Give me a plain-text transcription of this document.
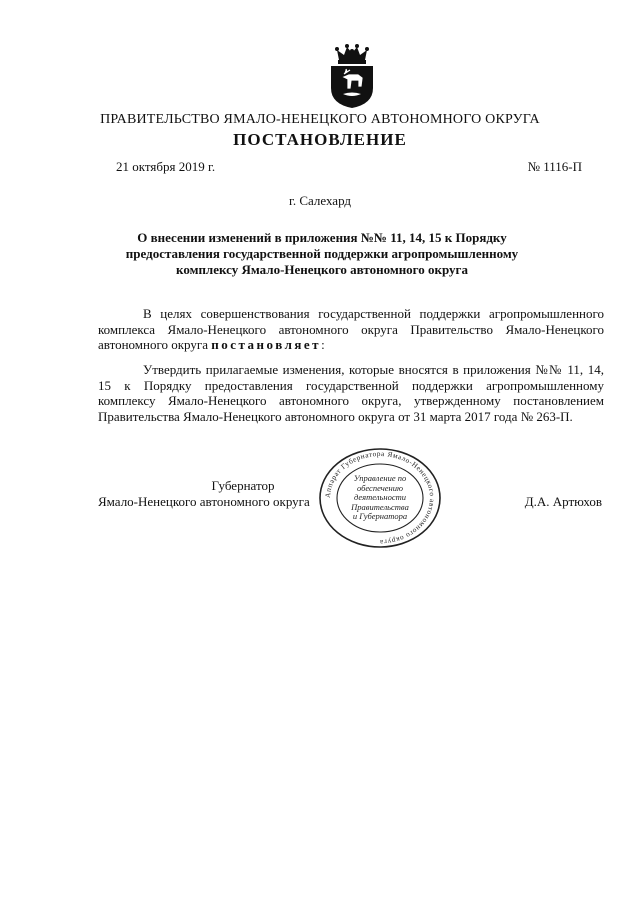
ПРАВИТЕЛЬСТВО ЯМАЛО-НЕНЕЦКОГО АВТОНОМНОГО ОКРУГА
ПОСТАНОВЛЕНИЕ
21 октября 2019 г.	№ 1116-П
г. Салехард
О внесении изменений в приложения №№ 11, 14, 15 к Порядку предоставления государственной поддержки агропромышленному комплексу Ямало-Ненецкого автономного округа
В целях совершенствования государственной поддержки агропромышленного комплекса Ямало-Ненецкого автономного округа Правительство Ямало-Ненецкого автономного округа постановляет:
Утвердить прилагаемые изменения, которые вносятся в приложения №№ 11, 14, 15 к Порядку предоставления государственной поддержки агропромышленному комплексу Ямало-Ненецкого автономного округа, утвержденному постановлением Правительства Ямало-Ненецкого автономного округа от 31 марта 2017 года № 263-П.
Губернатор
Ямало-Ненецкого автономного округа	Д.А. Артюхов
Аппарат Губернатора Ямало-Ненецкого автономного округа
Управление по
обеспечению
деятельности
Правительства
и Губернатора
